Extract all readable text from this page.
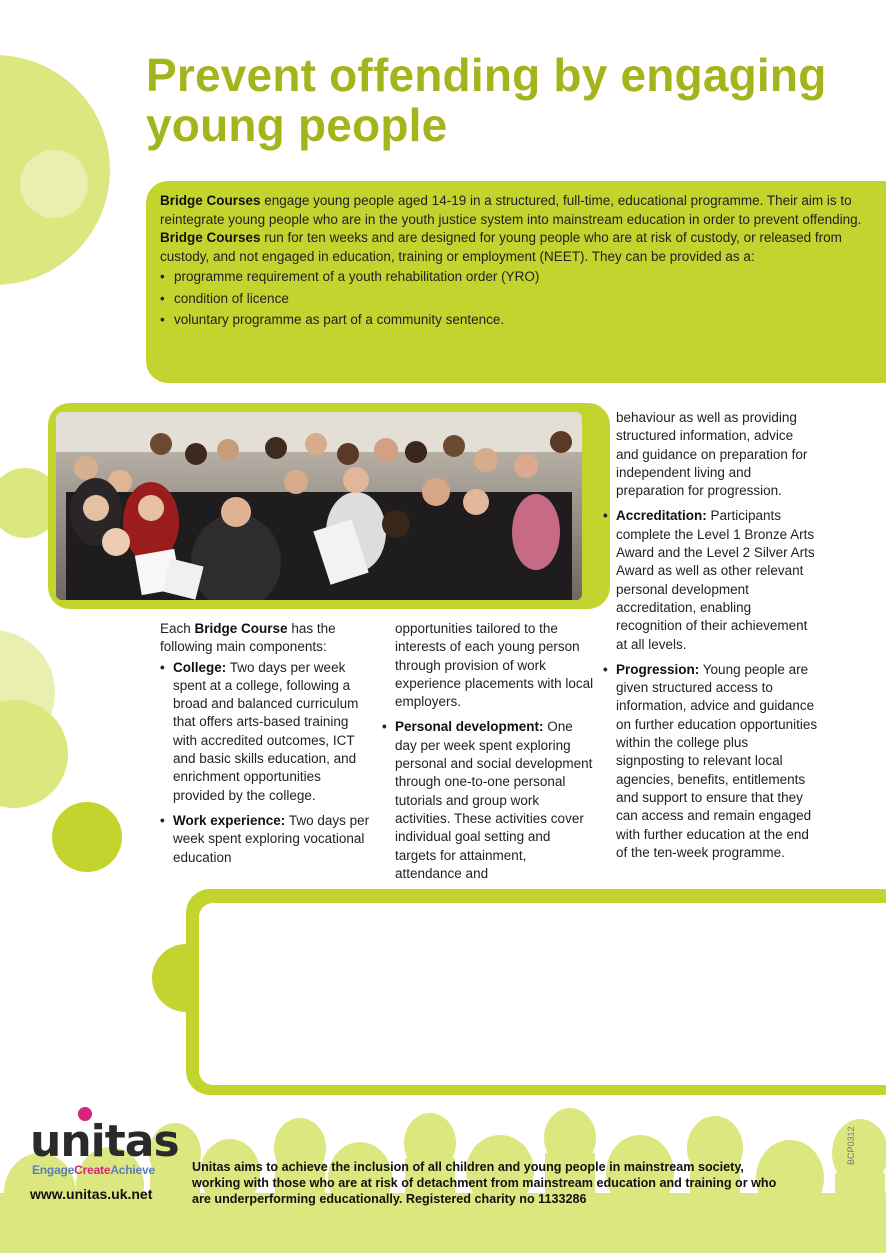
Prevent offending by engaging young people

Bridge Courses engage young people aged 14-19 in a structured, full-time, educational programme. Their aim is to reintegrate young people who are in the youth justice system into mainstream education in order to prevent offending.

Bridge Courses run for ten weeks and are designed for young people who are at risk of custody, or released from custody, and not engaged in education, training or employment (NEET). They can be provided as a:

• programme requirement of a youth rehabilitation order (YRO)
• condition of licence
• voluntary programme as part of a community sentence.

Each Bridge Course has the following main components:

• College: Two days per week spent at a college, following a broad and balanced curriculum that offers arts-based training with accredited outcomes, ICT and basic skills education, and enrichment opportunities provided by the college.
• Work experience: Two days per week spent exploring vocational education

opportunities tailored to the interests of each young person through provision of work experience placements with local employers.

• Personal development: One day per week spent exploring personal and social development through one-to-one personal tutorials and group work activities. These activities cover individual goal setting and targets for attainment, attendance and

behaviour as well as providing structured information, advice and guidance on preparation for independent living and preparation for progression.

• Accreditation: Participants complete the Level 1 Bronze Arts Award and the Level 2 Silver Arts Award as well as other relevant personal development accreditation, enabling recognition of their achievement at all levels.
• Progression: Young people are given structured access to information, advice and guidance on further education opportunities within the college plus signposting to relevant local agencies, benefits, entitlements and support to ensure that they can access and remain engaged with further education at the end of the ten-week programme.
unitas
EngageCreateAchieve
www.unitas.uk.net
Unitas aims to achieve the inclusion of all children and young people in mainstream society, working with those who are at risk of detachment from mainstream education and training or who are underperforming educationally. Registered charity no 1133286
BCP0312
